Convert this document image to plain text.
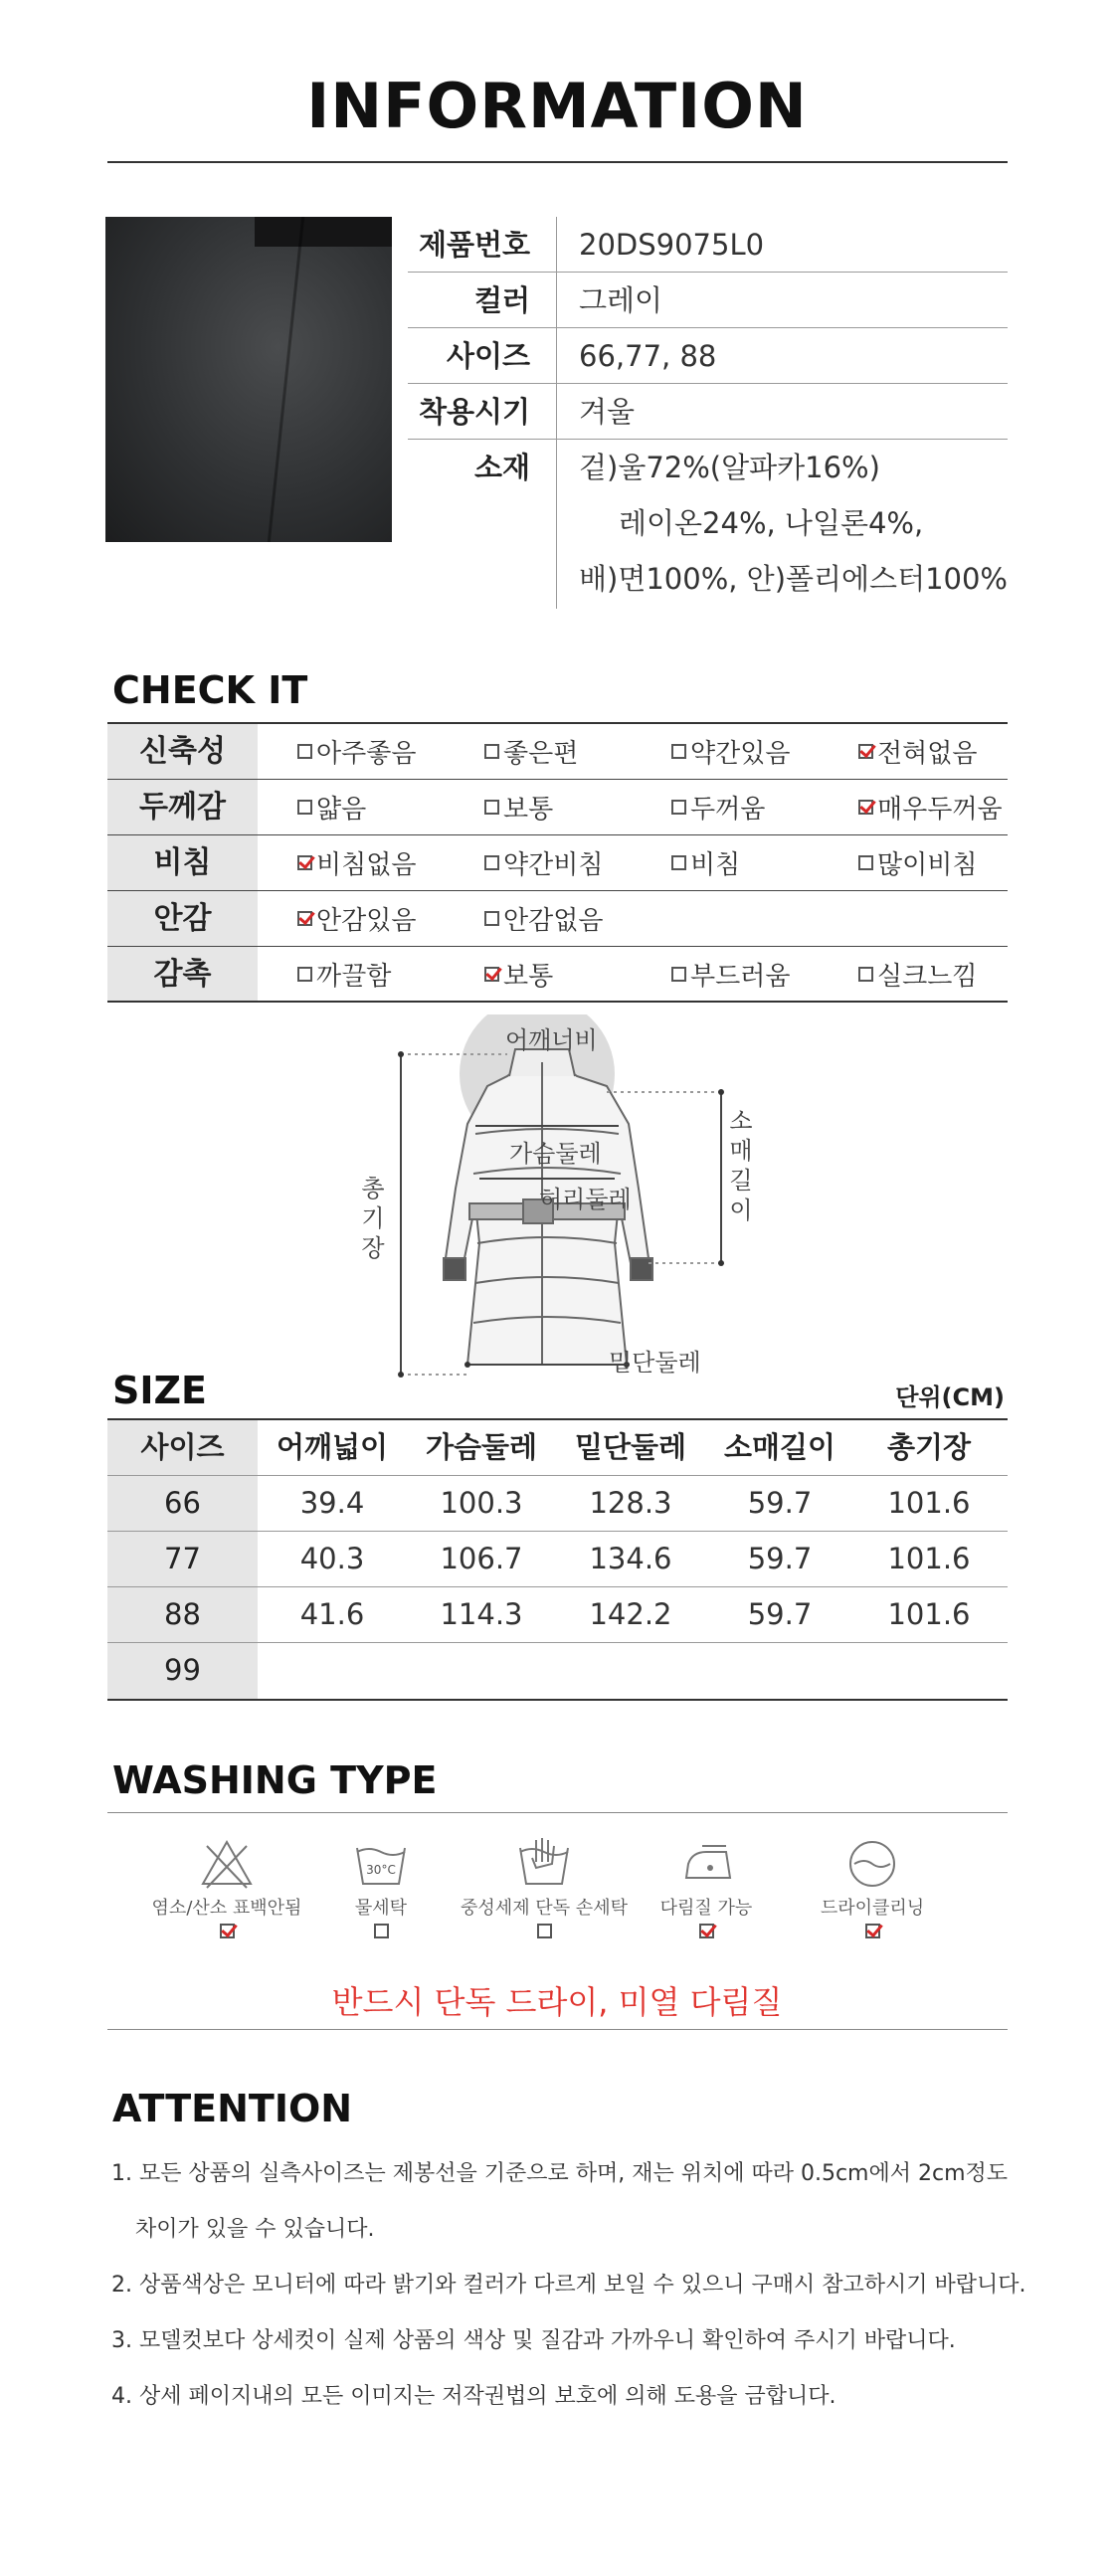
INFORMATION
제품번호	20DS9075L0
컬러	그레이
사이즈	66,77, 88
착용시기	겨울
소재	겉)울72%(알파카16%)
레이온24%, 나일론4%,
배)면100%, 안)폴리에스터100%
CHECK IT
신축성	아주좋음	좋은편	약간있음	전혀없음
두께감	얇음	보통	두꺼움	매우두꺼움
비침	비침없음	약간비침	비침	많이비침
안감	안감있음	안감없음
감촉	까끌함	보통	부드러움	실크느낌
어깨너비
가슴둘레
허리둘레
밑단둘레
소
매
길
이
총
기
장
SIZE	단위(CM)
사이즈	어깨넓이	가슴둘레	밑단둘레	소매길이	총기장
66	39.4	100.3	128.3	59.7	101.6
77	40.3	106.7	134.6	59.7	101.6
88	41.6	114.3	142.2	59.7	101.6
99
WASHING TYPE
염소/산소 표백안됨
30°C
물세탁	중성세제 단독 손세탁	다림질 가능	드라이클리닝
반드시 단독 드라이, 미열 다림질
ATTENTION
1. 모든 상품의 실측사이즈는 제봉선을 기준으로 하며, 재는 위치에 따라 0.5cm에서 2cm정도
차이가 있을 수 있습니다.
2. 상품색상은 모니터에 따라 밝기와 컬러가 다르게 보일 수 있으니 구매시 참고하시기 바랍니다.
3. 모델컷보다 상세컷이 실제 상품의 색상 및 질감과 가까우니 확인하여 주시기 바랍니다.
4. 상세 페이지내의 모든 이미지는 저작권법의 보호에 의해 도용을 금합니다.
